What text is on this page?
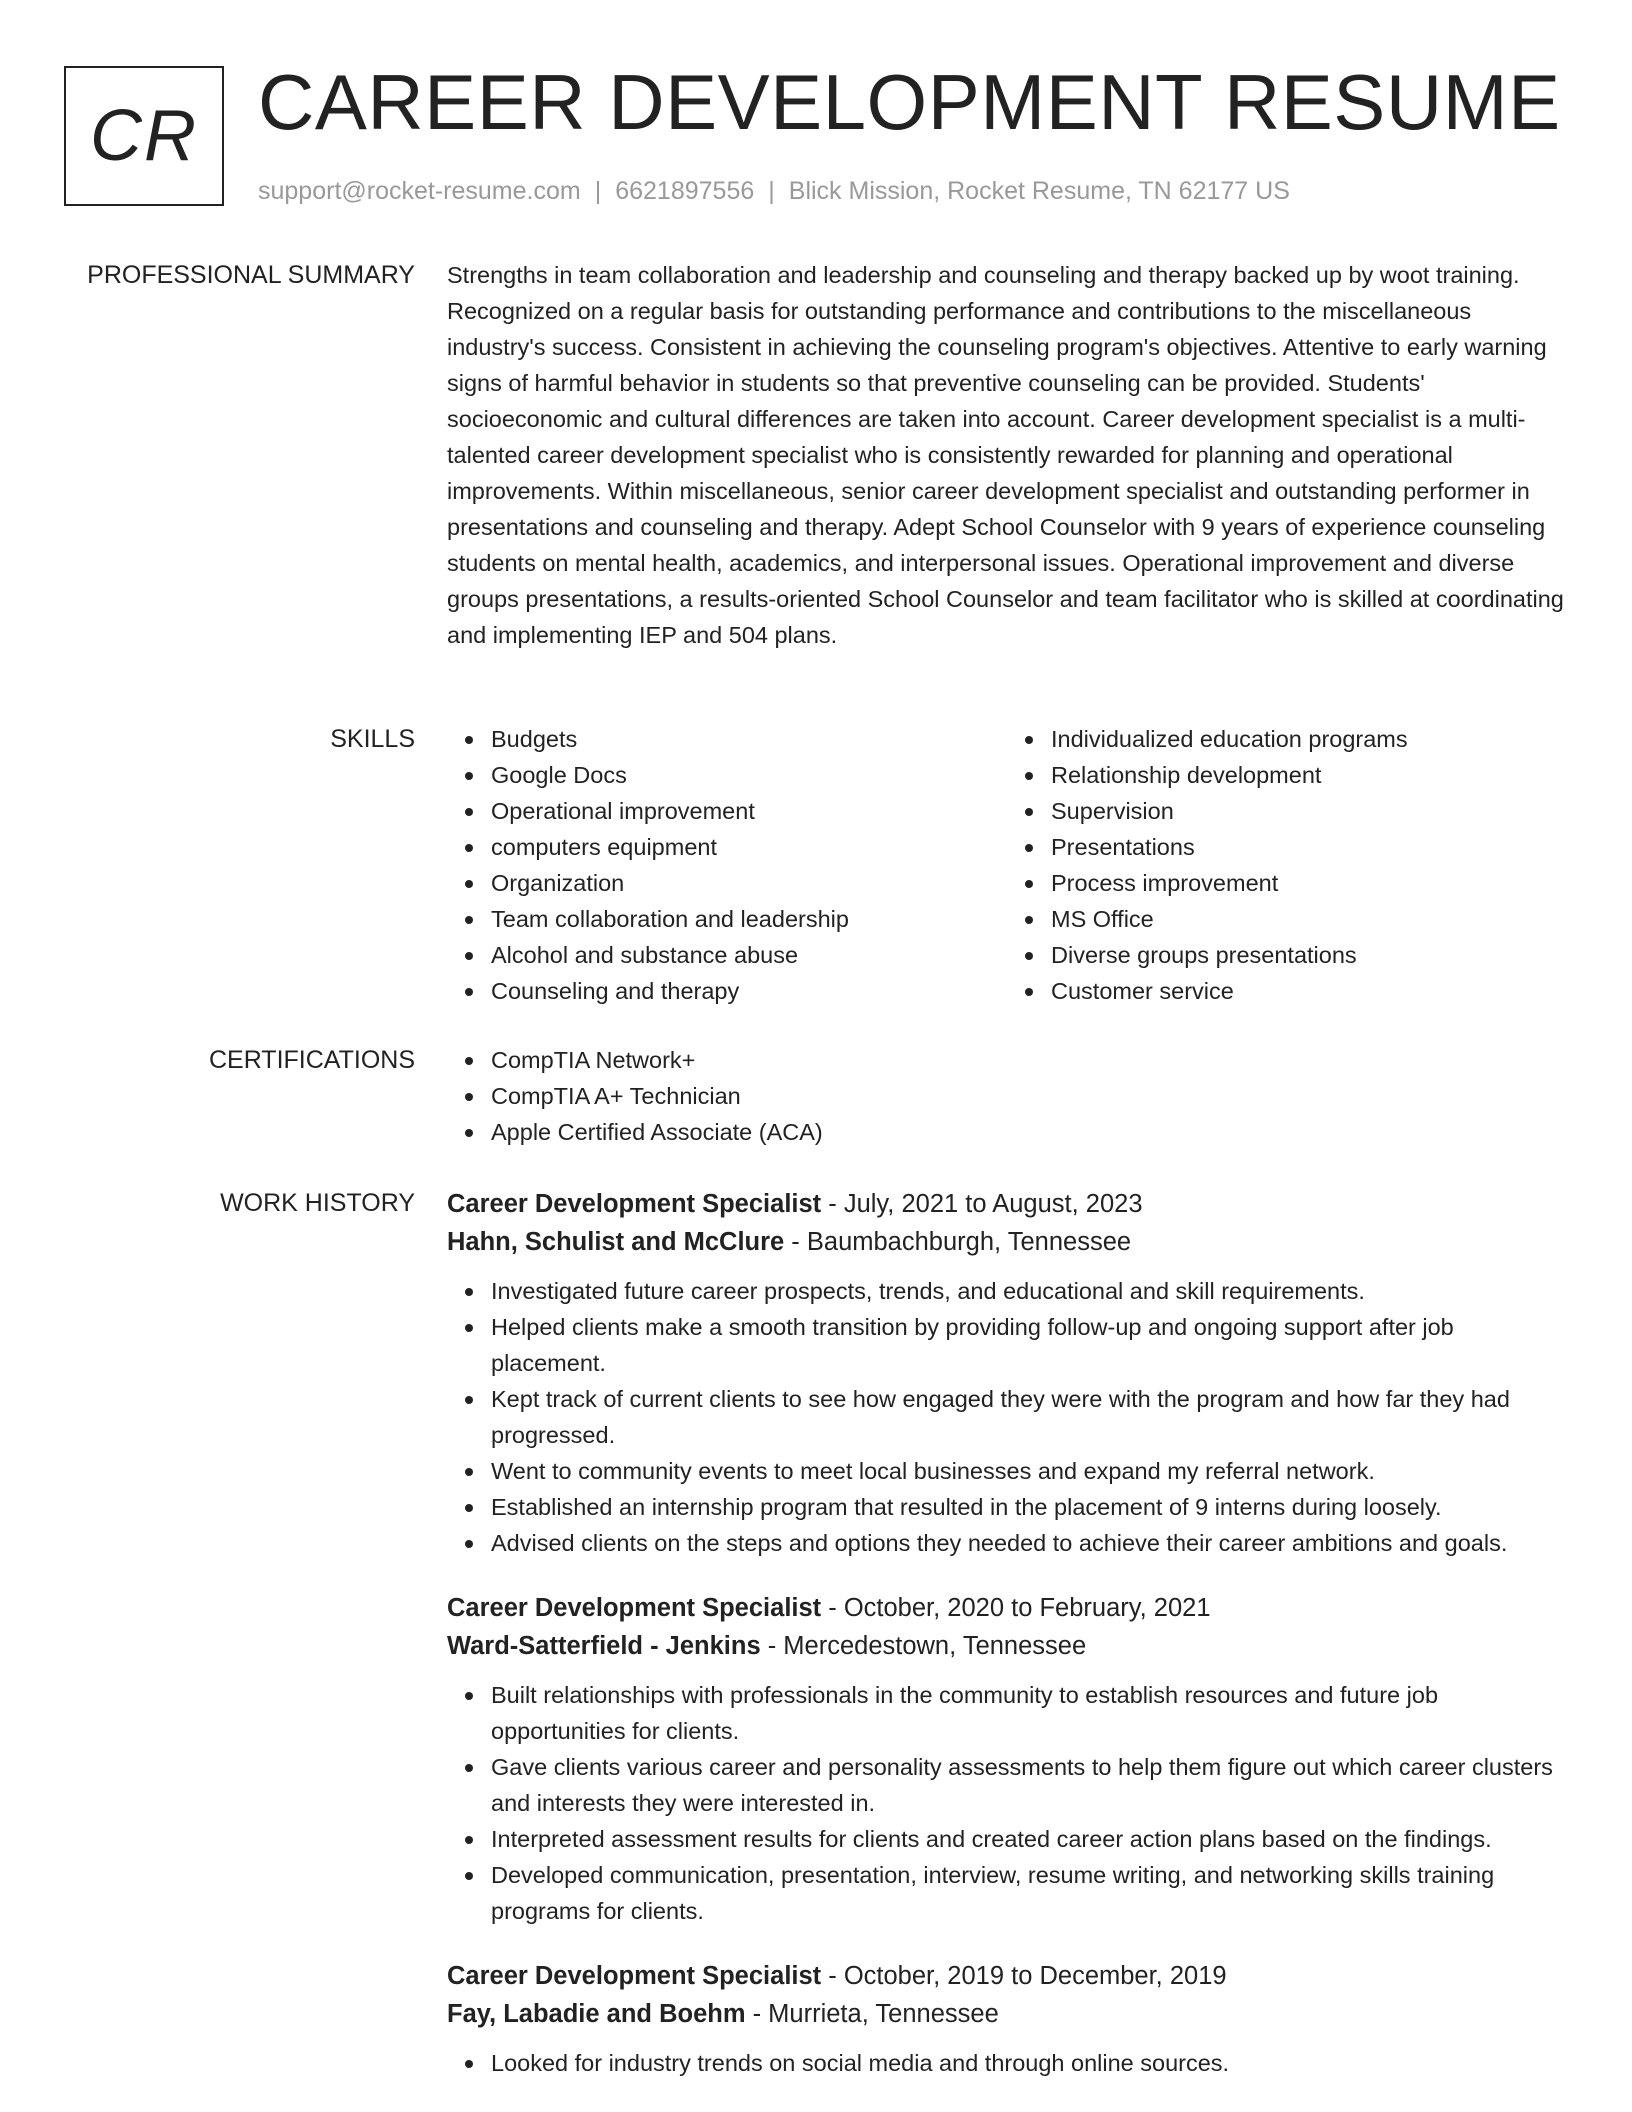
CR CAREER DEVELOPMENT RESUME
support@rocket-resume.com | 6621897556 | Blick Mission, Rocket Resume, TN 62177 US
PROFESSIONAL SUMMARY Strengths in team collaboration and leadership and counseling and therapy backed up by woot training. Recognized on a regular basis for outstanding performance and contributions to the miscellaneous industry's success. Consistent in achieving the counseling program's objectives. Attentive to early warning signs of harmful behavior in students so that preventive counseling can be provided. Students' socioeconomic and cultural differences are taken into account. Career development specialist is a multi-talented career development specialist who is consistently rewarded for planning and operational improvements. Within miscellaneous, senior career development specialist and outstanding performer in presentations and counseling and therapy. Adept School Counselor with 9 years of experience counseling students on mental health, academics, and interpersonal issues. Operational improvement and diverse groups presentations, a results-oriented School Counselor and team facilitator who is skilled at coordinating and implementing IEP and 504 plans.

SKILLS	Budgets
Google Docs
Operational improvement
computers equipment
Organization
Team collaboration and leadership
Alcohol and substance abuse
Counseling and therapy
Individualized education programs
Relationship development
Supervision
Presentations
Process improvement
MS Office
Diverse groups presentations
Customer service
CERTIFICATIONS	CompTIA Network+
CompTIA A+ Technician
Apple Certified Associate (ACA)
WORK HISTORY Career Development Specialist - July, 2021 to August, 2023
Hahn, Schulist and McClure - Baumbachburgh, Tennessee
Investigated future career prospects, trends, and educational and skill requirements.
Helped clients make a smooth transition by providing follow-up and ongoing support after job placement.
Kept track of current clients to see how engaged they were with the program and how far they had progressed.
Went to community events to meet local businesses and expand my referral network.
Established an internship program that resulted in the placement of 9 interns during loosely.
Advised clients on the steps and options they needed to achieve their career ambitions and goals.
Career Development Specialist - October, 2020 to February, 2021
Ward-Satterfield - Jenkins - Mercedestown, Tennessee
Built relationships with professionals in the community to establish resources and future job opportunities for clients.
Gave clients various career and personality assessments to help them figure out which career clusters and interests they were interested in.
Interpreted assessment results for clients and created career action plans based on the findings.
Developed communication, presentation, interview, resume writing, and networking skills training programs for clients.
Career Development Specialist - October, 2019 to December, 2019
Fay, Labadie and Boehm - Murrieta, Tennessee
Looked for industry trends on social media and through online sources.
